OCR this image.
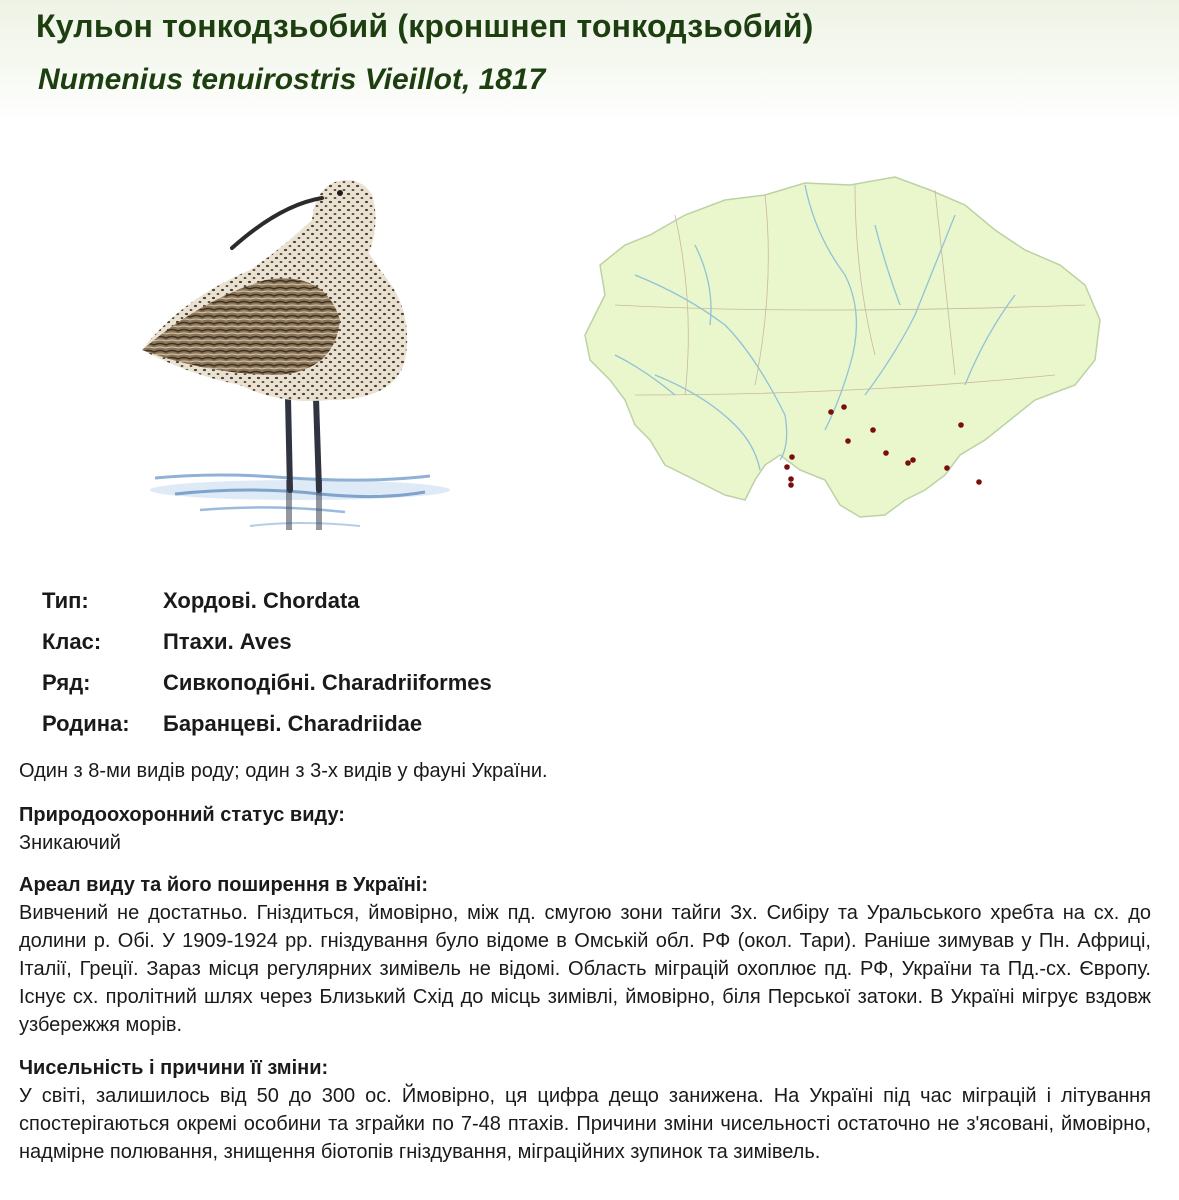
Кульон тонкодзьобий (кроншнеп тонкодзьобий)
Numenius tenuirostris Vieillot, 1817
Тип:	Хордові. Chordata
Клас:	Птахи. Aves
Ряд:	Сивкоподібні. Charadriiformes
Родина:	Баранцеві. Charadriidae

Один з 8-ми видів роду; один з 3-х видів у фауні України.

Природоохоронний статус виду:

Зникаючий

Ареал виду та його поширення в Україні:

Вивчений не достатньо. Гніздиться, ймовірно, між пд. смугою зони тайги Зх. Сибіру та Уральського хребта на сх. до долини р. Обі. У 1909-1924 рр. гніздування було відоме в Омській обл. РФ (окол. Тари). Раніше зимував у Пн. Африці, Італії, Греції. Зараз місця регулярних зимівель не відомі. Область міграцій охоплює пд. РФ, України та Пд.-сх. Європу. Існує сх. пролітний шлях через Близький Схід до місць зимівлі, ймовірно, біля Перської затоки. В Україні мігрує вздовж узбережжя морів.

Чисельність і причини її зміни:

У світі, залишилось від 50 до 300 ос. Ймовірно, ця цифра дещо занижена. На Україні під час міграцій і літування спостерігаються окремі особини та зграйки по 7-48 птахів. Причини зміни чисельності остаточно не з'ясовані, ймовірно, надмірне полювання, знищення біотопів гніздування, міграційних зупинок та зимівель.
